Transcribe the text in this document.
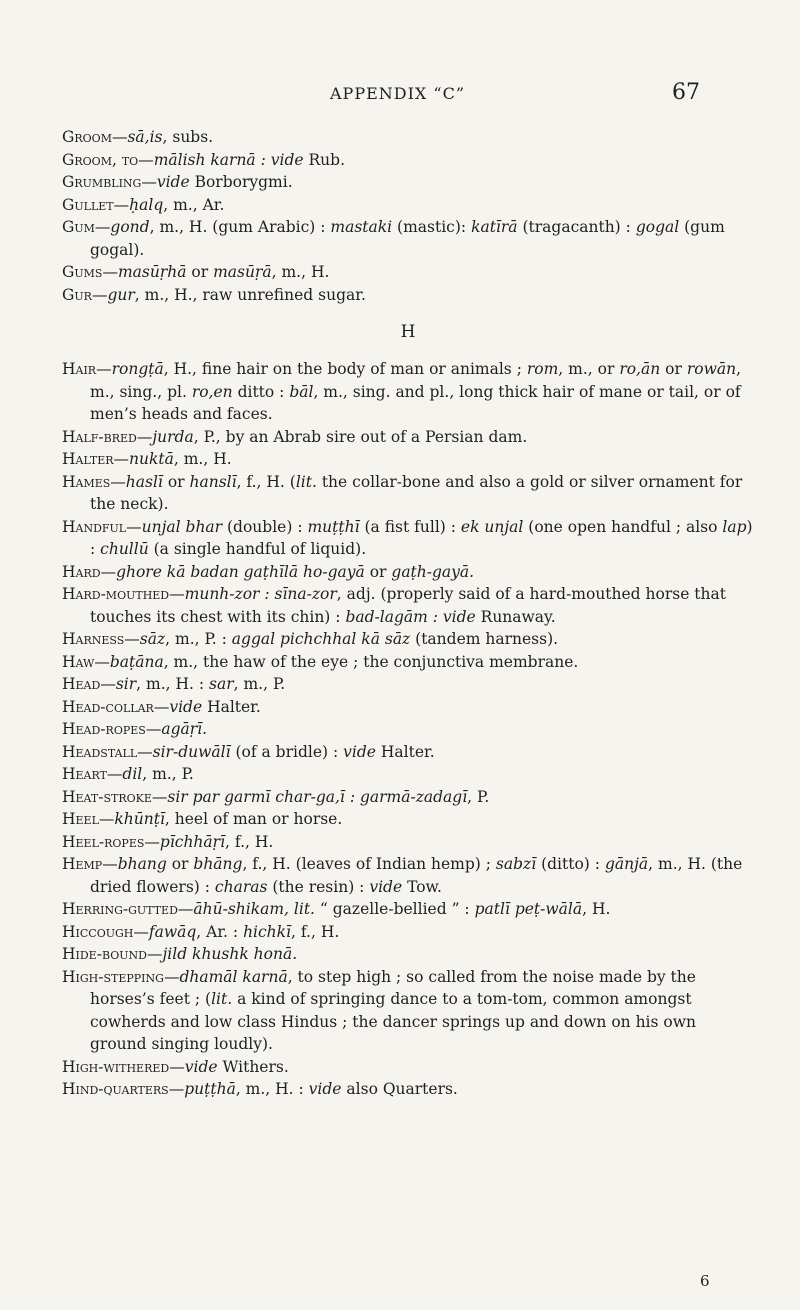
APPENDIX “C”	67

Groom—sā,is, subs.

Groom, to—mālish karnā : vide Rub.

Grumbling—vide Borborygmi.

Gullet—ḥalq, m., Ar.

Gum—gond, m., H. (gum Arabic) : mastaki (mastic): katīrā (tragacanth) : gogal (gum gogal).

Gums—masūṛhā or masūṛā, m., H.

Gur—gur, m., H., raw unrefined sugar.

H

Hair—rongṭā, H., fine hair on the body of man or animals ; rom, m., or ro,ān or rowān, m., sing., pl. ro,en ditto : bāl, m., sing. and pl., long thick hair of mane or tail, or of men’s heads and faces.

Half-bred—jurda, P., by an Abrab sire out of a Persian dam.

Halter—nuktā, m., H.

Hames—haslī or hanslī, f., H. (lit. the collar-bone and also a gold or silver ornament for the neck).

Handful—unjal bhar (double) : muṭṭhī (a fist full) : ek unjal (one open handful ; also lap) : chullū (a single handful of liquid).

Hard—ghore kā badan gaṭhīlā ho-gayā or gaṭh-gayā.

Hard-mouthed—munh-zor : sīna-zor, adj. (properly said of a hard-mouthed horse that touches its chest with its chin) : bad-lagām : vide Runaway.

Harness—sāz, m., P. : aggal pichchhal kā sāz (tandem harness).

Haw—baṭāna, m., the haw of the eye ; the conjunctiva membrane.

Head—sir, m., H. : sar, m., P.

Head-collar—vide Halter.

Head-ropes—agāṛī.

Headstall—sir-duwālī (of a bridle) : vide Halter.

Heart—dil, m., P.

Heat-stroke—sir par garmī char-ga,ī : garmā-zadagī, P.

Heel—khūnṭī, heel of man or horse.

Heel-ropes—pīchhāṛī, f., H.

Hemp—bhang or bhāng, f., H. (leaves of Indian hemp) ; sabzī (ditto) : gānjā, m., H. (the dried flowers) : charas (the resin) : vide Tow.

Herring-gutted—āhū-shikam, lit. “ gazelle-bellied ” : patlī peṭ-wālā, H.

Hiccough—fawāq, Ar. : hichkī, f., H.

Hide-bound—jild khushk honā.

High-stepping—dhamāl karnā, to step high ; so called from the noise made by the horses’s feet ; (lit. a kind of springing dance to a tom-tom, common amongst cowherds and low class Hindus ; the dancer springs up and down on his own ground singing loudly).

High-withered—vide Withers.

Hind-quarters—puṭṭhā, m., H. : vide also Quarters.

6
